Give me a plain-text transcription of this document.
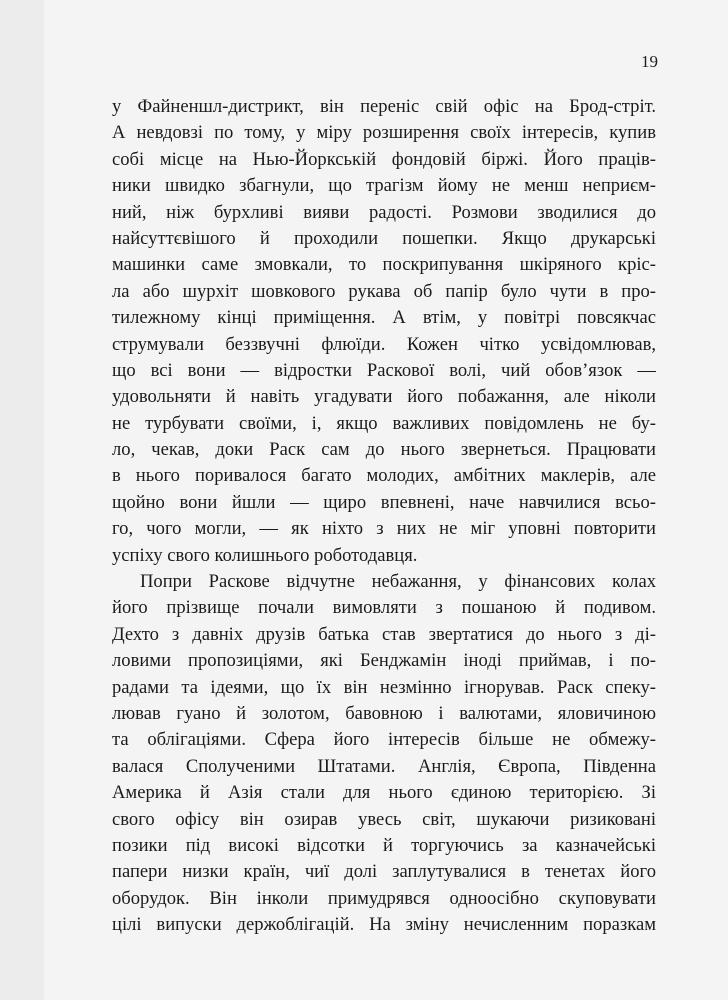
19

у Файненшл-дистрикт, він переніс свій офіс на Брод-стріт.
А невдовзі по тому, у міру розширення своїх інтересів, купив
собі місце на Нью-Йоркській фондовій біржі. Його праців-
ники швидко збагнули, що трагізм йому не менш неприєм-
ний, ніж бурхливі вияви радості. Розмови зводилися до
найсуттєвішого й проходили пошепки. Якщо друкарські
машинки саме змовкали, то поскрипування шкіряного кріс-
ла або шурхіт шовкового рукава об папір було чути в про-
тилежному кінці приміщення. А втім, у повітрі повсякчас
струмували беззвучні флюїди. Кожен чітко усвідомлював,
що всі вони — відростки Раскової волі, чий обов’язок —
удовольняти й навіть угадувати його побажання, але ніколи
не турбувати своїми, і, якщо важливих повідомлень не бу-
ло, чекав, доки Раск сам до нього звернеться. Працювати
в нього поривалося багато молодих, амбітних маклерів, але
щойно вони йшли — щиро впевнені, наче навчилися всьо-
го, чого могли, — як ніхто з них не міг уповні повторити
успіху свого колишнього роботодавця.
Попри Раскове відчутне небажання, у фінансових колах
його прізвище почали вимовляти з пошаною й подивом.
Дехто з давніх друзів батька став звертатися до нього з ді-
ловими пропозиціями, які Бенджамін іноді приймав, і по-
радами та ідеями, що їх він незмінно ігнорував. Раск спеку-
лював гуано й золотом, бавовною і валютами, яловичиною
та облігаціями. Сфера його інтересів більше не обмежу-
валася Сполученими Штатами. Англія, Європа, Південна
Америка й Азія стали для нього єдиною територією. Зі
свого офісу він озирав увесь світ, шукаючи ризиковані
позики під високі відсотки й торгуючись за казначейські
папери низки країн, чиї долі заплутувалися в тенетах його
оборудок. Він інколи примудрявся одноосібно скуповувати
цілі випуски держоблігацій. На зміну нечисленним поразкам
